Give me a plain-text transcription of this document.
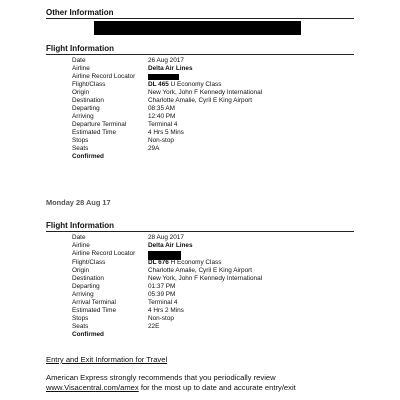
Other Information
Flight Information
Date	26 Aug 2017
Airline	Delta Air Lines
Airline Record Locator
Flight/Class	DL 465 U Economy Class
Origin	New York, John F Kennedy International
Destination	Charlotte Amalie, Cyril E King Airport
Departing	08:35 AM
Arriving	12:40 PM
Departure Terminal	Terminal 4
Estimated Time	4 Hrs 5 Mins
Stops	Non-stop
Seats	29A
Confirmed
Monday 28 Aug 17
Flight Information
Date	28 Aug 2017
Airline	Delta Air Lines
Airline Record Locator
Flight/Class	DL 676 H Economy Class
Origin	Charlotte Amalie, Cyril E King Airport
Destination	New York, John F Kennedy International
Departing	01:37 PM
Arriving	05:39 PM
Arrival Terminal	Terminal 4
Estimated Time	4 Hrs 2 Mins
Stops	Non-stop
Seats	22E
Confirmed
Entry and Exit Information for Travel
American Express strongly recommends that you periodically review
www.Visacentral.com/amex for the most up to date and accurate entry/exit
